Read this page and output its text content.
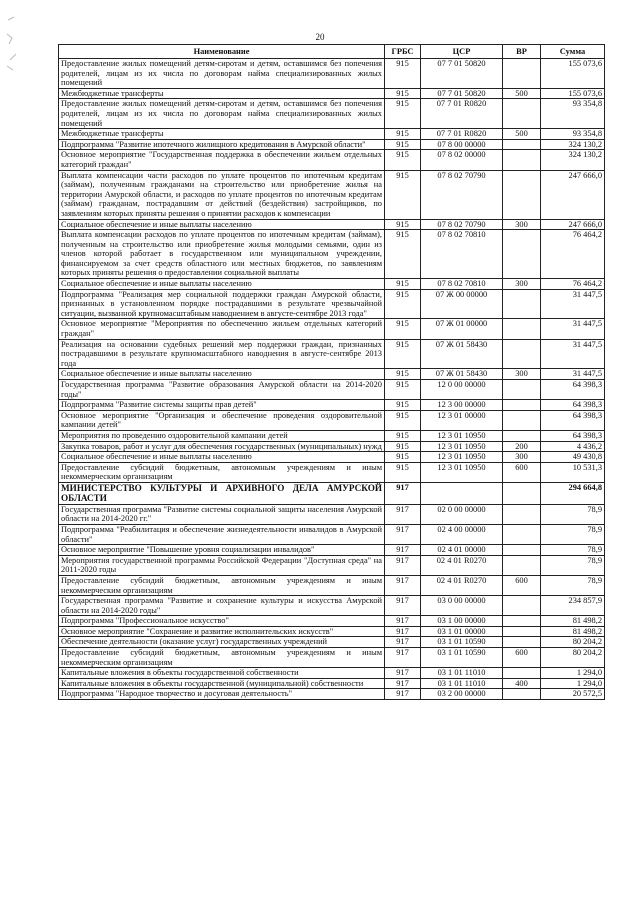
20
Наименование	ГРБС	ЦСР	ВР	Сумма
Предоставление жилых помещений детям-сиротам и детям, оставшимся без попечения родителей, лицам из их числа по договорам найма специализированных жилых помещений	915	07 7 01 50820		155 073,6
Межбюджетные трансферты	915	07 7 01 50820	500	155 073,6
Предоставление жилых помещений детям-сиротам и детям, оставшимся без попечения родителей, лицам из их числа по договорам найма специализированных жилых помещений	915	07 7 01 R0820		93 354,8
Межбюджетные трансферты	915	07 7 01 R0820	500	93 354,8
Подпрограмма "Развитие ипотечного жилищного кредитования в Амурской области"	915	07 8 00 00000		324 130,2
Основное мероприятие "Государственная поддержка в обеспечении жильем отдельных категорий граждан"	915	07 8 02 00000		324 130,2
Выплата компенсации части расходов по уплате процентов по ипотечным кредитам (займам), полученным гражданами на строительство или приобретение жилья на территории Амурской области, и расходов по уплате процентов по ипотечным кредитам (займам) гражданам, пострадавшим от действий (бездействия) застройщиков, по заявлениям которых приняты решения о принятии расходов к компенсации	915	07 8 02 70790		247 666,0
Социальное обеспечение и иные выплаты населению	915	07 8 02 70790	300	247 666,0
Выплата компенсации расходов по уплате процентов по ипотечным кредитам (займам), полученным на строительство или приобретение жилья молодыми семьями, один из членов которой работает в государственном или муниципальном учреждении, финансируемом за счет средств областного или местных бюджетов, по заявлениям которых приняты решения о предоставлении социальной выплаты	915	07 8 02 70810		76 464,2
Социальное обеспечение и иные выплаты населению	915	07 8 02 70810	300	76 464,2
Подпрограмма "Реализация мер социальной поддержки граждан Амурской области, признанных в установленном порядке пострадавшими в результате чрезвычайной ситуации, вызванной крупномасштабным наводнением в августе-сентябре 2013 года"	915	07 Ж 00 00000		31 447,5
Основное мероприятие "Мероприятия по обеспечению жильем отдельных категорий граждан"	915	07 Ж 01 00000		31 447,5
Реализация на основании судебных решений мер поддержки граждан, признанных пострадавшими в результате крупномасштабного наводнения в августе-сентябре 2013 года	915	07 Ж 01 58430		31 447,5
Социальное обеспечение и иные выплаты населению	915	07 Ж 01 58430	300	31 447,5
Государственная программа "Развитие образования Амурской области на 2014-2020 годы"	915	12 0 00 00000		64 398,3
Подпрограмма "Развитие системы защиты прав детей"	915	12 3 00 00000		64 398,3
Основное мероприятие "Организация и обеспечение проведения оздоровительной кампании детей"	915	12 3 01 00000		64 398,3
Мероприятия по проведению оздоровительной кампании детей	915	12 3 01 10950		64 398,3
Закупка товаров, работ и услуг для обеспечения государственных (муниципальных) нужд	915	12 3 01 10950	200	4 436,2
Социальное обеспечение и иные выплаты населению	915	12 3 01 10950	300	49 430,8
Предоставление субсидий бюджетным, автономным учреждениям и иным некоммерческим организациям	915	12 3 01 10950	600	10 531,3
МИНИСТЕРСТВО КУЛЬТУРЫ И АРХИВНОГО ДЕЛА АМУРСКОЙ ОБЛАСТИ	917			294 664,8
Государственная программа "Развитие системы социальной защиты населения Амурской области на 2014-2020 гг."	917	02 0 00 00000		78,9
Подпрограмма "Реабилитация и обеспечение жизнедеятельности инвалидов в Амурской области"	917	02 4 00 00000		78,9
Основное мероприятие "Повышение уровня социализации инвалидов"	917	02 4 01 00000		78,9
Мероприятия государственной программы Российской Федерации "Доступная среда" на 2011-2020 годы	917	02 4 01 R0270		78,9
Предоставление субсидий бюджетным, автономным учреждениям и иным некоммерческим организациям	917	02 4 01 R0270	600	78,9
Государственная программа "Развитие и сохранение культуры и искусства Амурской области на 2014-2020 годы"	917	03 0 00 00000		234 857,9
Подпрограмма "Профессиональное искусство"	917	03 1 00 00000		81 498,2
Основное мероприятие "Сохранение и развитие исполнительских искусств"	917	03 1 01 00000		81 498,2
Обеспечение деятельности (оказание услуг) государственных учреждений	917	03 1 01 10590		80 204,2
Предоставление субсидий бюджетным, автономным учреждениям и иным некоммерческим организациям	917	03 1 01 10590	600	80 204,2
Капитальные вложения в объекты государственной собственности	917	03 1 01 11010		1 294,0
Капитальные вложения в объекты государственной (муниципальной) собственности	917	03 1 01 11010	400	1 294,0
Подпрограмма "Народное творчество и досуговая деятельность"	917	03 2 00 00000		20 572,5
